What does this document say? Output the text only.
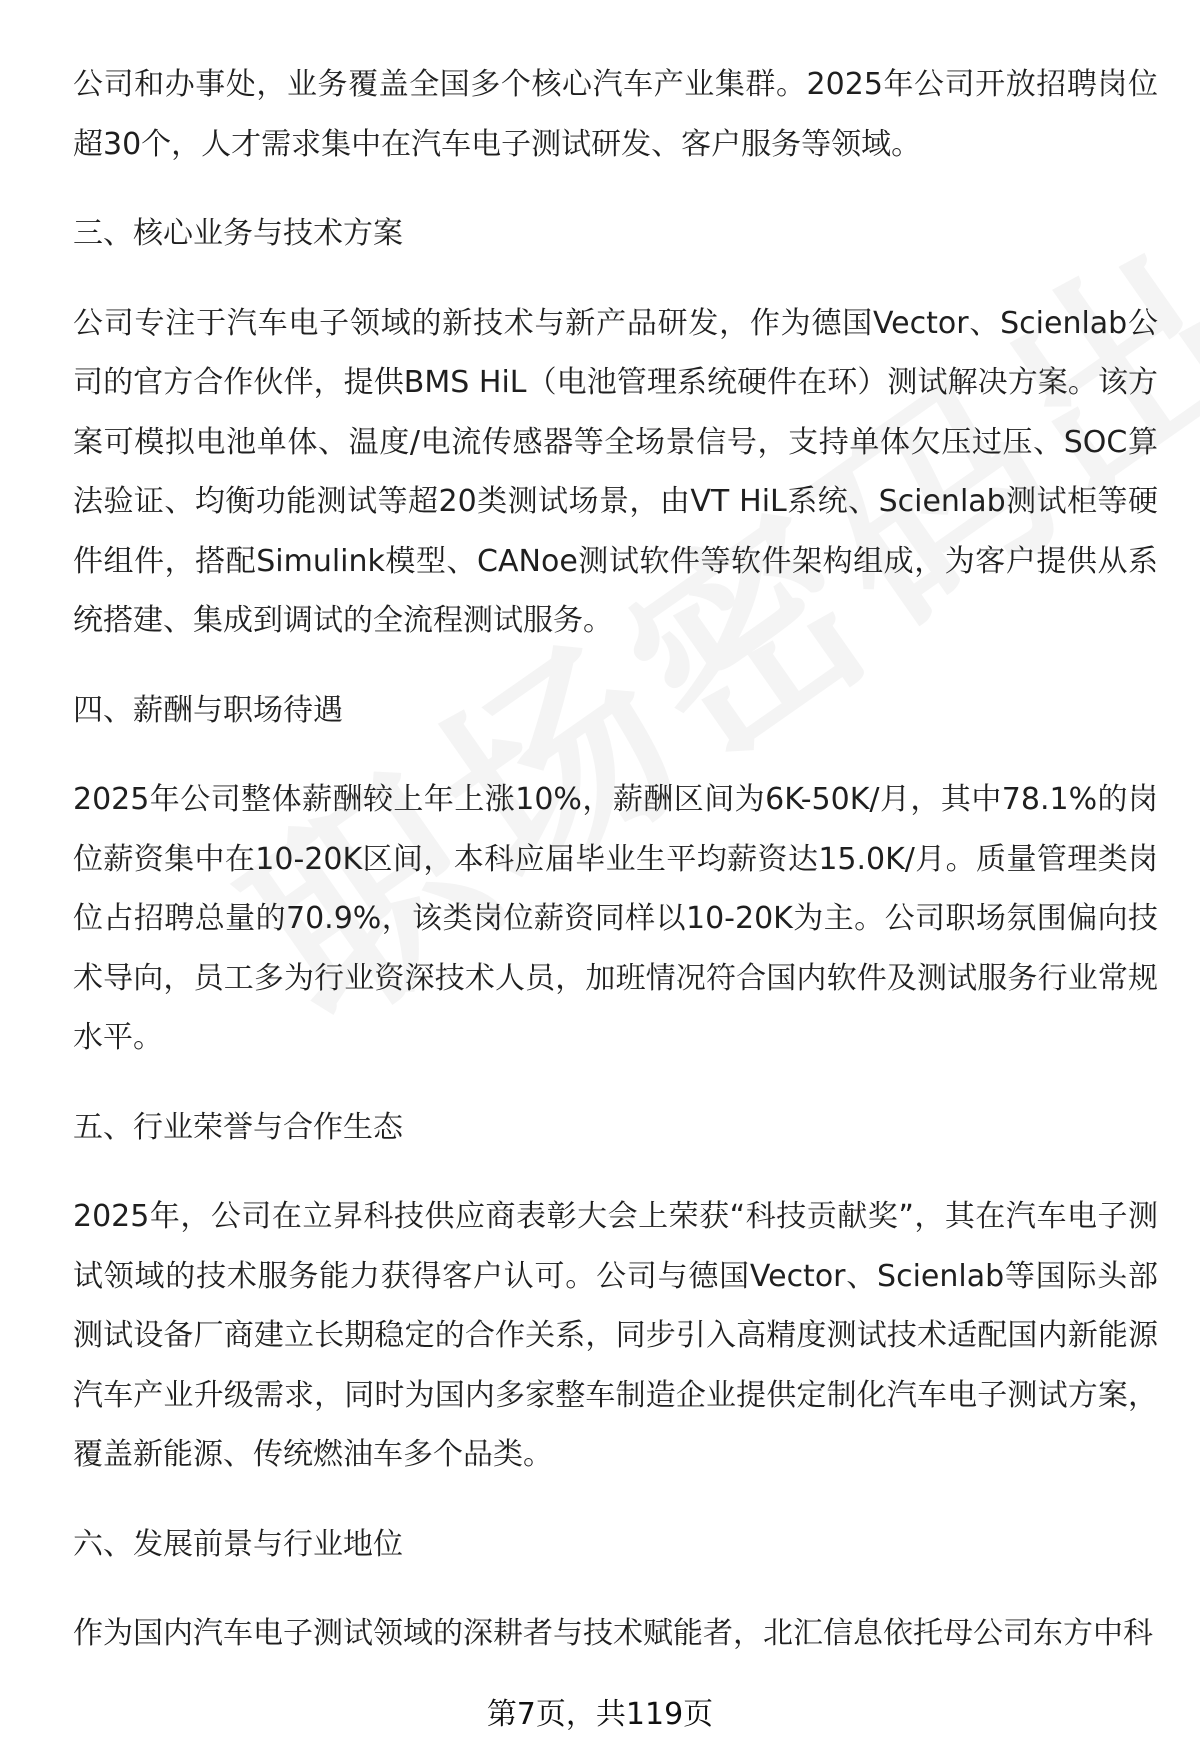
公司和办事处，业务覆盖全国多个核心汽车产业集群。2025年公司开放招聘岗位超30个，人才需求集中在汽车电子测试研发、客户服务等领域。

三、核心业务与技术方案

公司专注于汽车电子领域的新技术与新产品研发，作为德国Vector、Scienlab公司的官方合作伙伴，提供BMS HiL（电池管理系统硬件在环）测试解决方案。该方案可模拟电池单体、温度/电流传感器等全场景信号，支持单体欠压过压、SOC算法验证、均衡功能测试等超20类测试场景，由VT HiL系统、Scienlab测试柜等硬件组件，搭配Simulink模型、CANoe测试软件等软件架构组成，为客户提供从系统搭建、集成到调试的全流程测试服务。

四、薪酬与职场待遇

2025年公司整体薪酬较上年上涨10%，薪酬区间为6K-50K/月，其中78.1%的岗位薪资集中在10-20K区间，本科应届毕业生平均薪资达15.0K/月。质量管理类岗位占招聘总量的70.9%，该类岗位薪资同样以10-20K为主。公司职场氛围偏向技术导向，员工多为行业资深技术人员，加班情况符合国内软件及测试服务行业常规水平。

五、行业荣誉与合作生态

2025年，公司在立昇科技供应商表彰大会上荣获“科技贡献奖”，其在汽车电子测试领域的技术服务能力获得客户认可。公司与德国Vector、Scienlab等国际头部测试设备厂商建立长期稳定的合作关系，同步引入高精度测试技术适配国内新能源汽车产业升级需求，同时为国内多家整车制造企业提供定制化汽车电子测试方案，覆盖新能源、传统燃油车多个品类。

六、发展前景与行业地位

作为国内汽车电子测试领域的深耕者与技术赋能者，北汇信息依托母公司东方中科

第7页，共119页
